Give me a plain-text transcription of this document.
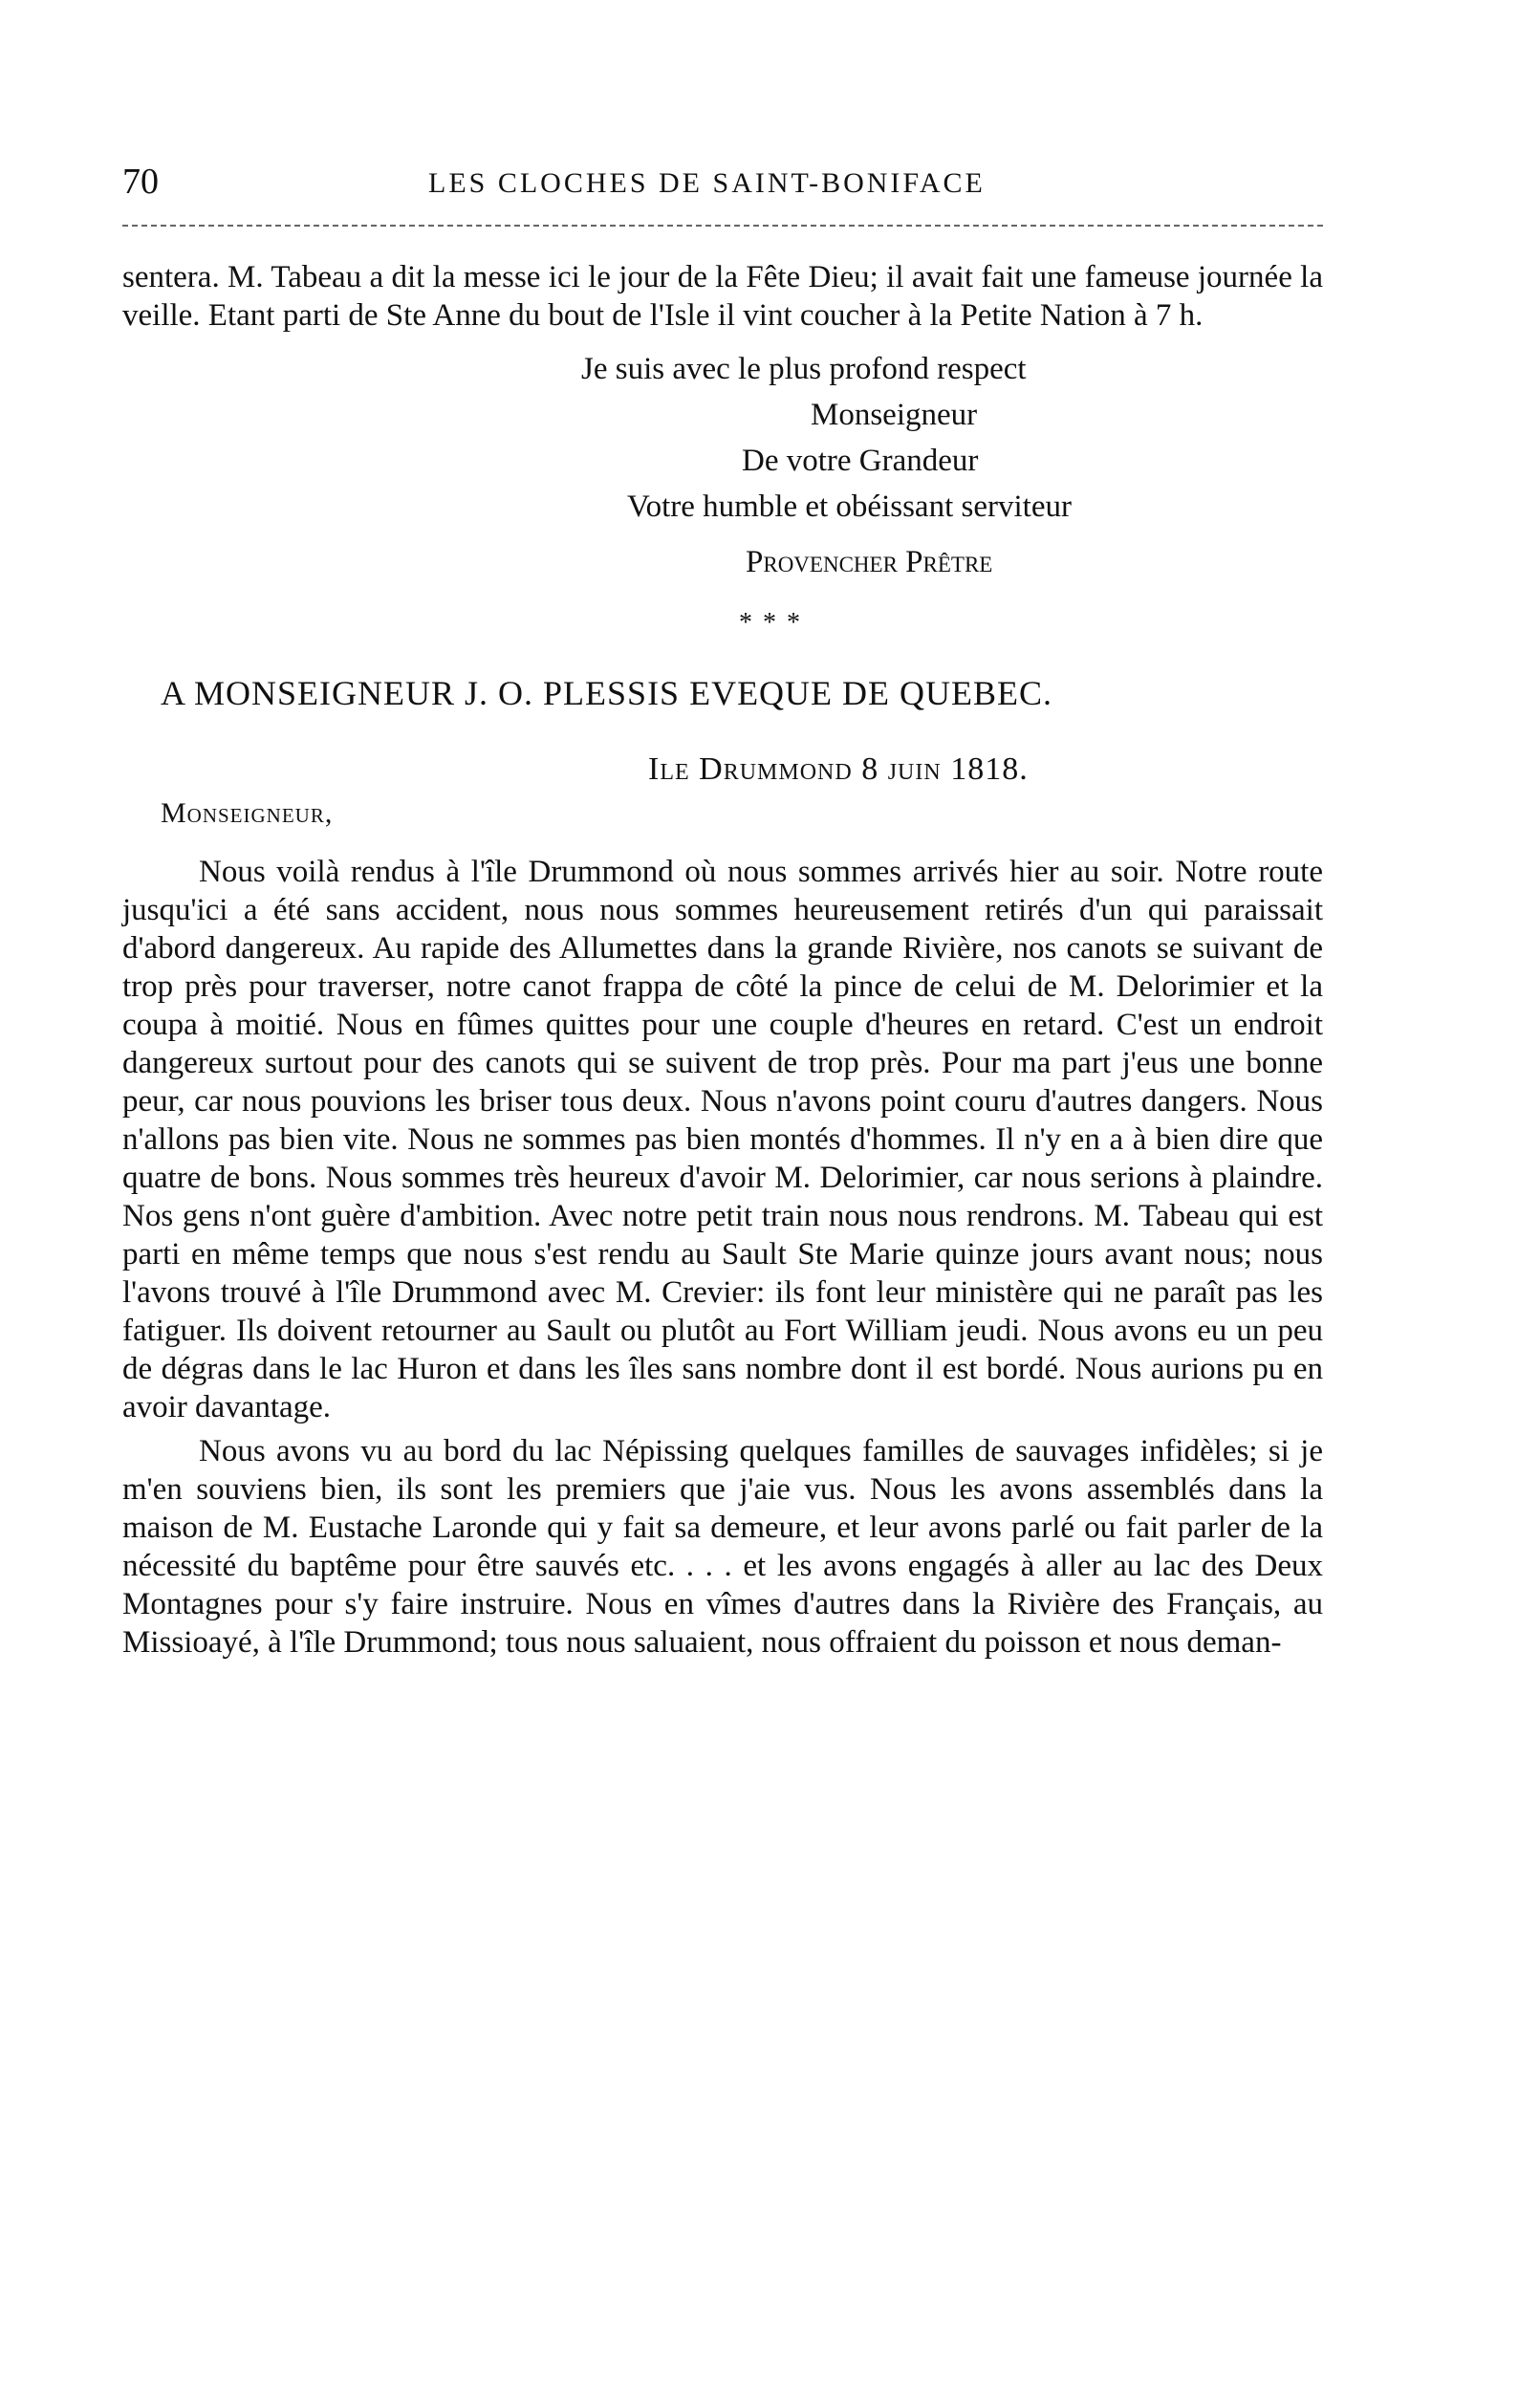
70	LES CLOCHES DE SAINT-BONIFACE

sentera. M. Tabeau a dit la messe ici le jour de la Fête Dieu; il avait fait une fameuse journée la veille. Etant parti de Ste Anne du bout de l'Isle il vint coucher à la Petite Nation à 7 h.

Je suis avec le plus profond respect
Monseigneur
De votre Grandeur
Votre humble et obéissant serviteur
Provencher Prêtre
* * *
A MONSEIGNEUR J. O. PLESSIS EVEQUE DE QUEBEC.
Ile Drummond 8 juin 1818.
Monseigneur,

Nous voilà rendus à l'île Drummond où nous sommes arrivés hier au soir. Notre route jusqu'ici a été sans accident, nous nous sommes heureusement retirés d'un qui paraissait d'abord dangereux. Au rapide des Allumettes dans la grande Rivière, nos canots se suivant de trop près pour traverser, notre canot frappa de côté la pince de celui de M. Delorimier et la coupa à moitié. Nous en fûmes quittes pour une couple d'heures en retard. C'est un endroit dangereux surtout pour des canots qui se suivent de trop près. Pour ma part j'eus une bonne peur, car nous pouvions les briser tous deux. Nous n'avons point couru d'autres dangers. Nous n'allons pas bien vite. Nous ne sommes pas bien montés d'hommes. Il n'y en a à bien dire que quatre de bons. Nous sommes très heureux d'avoir M. Delorimier, car nous serions à plaindre. Nos gens n'ont guère d'ambition. Avec notre petit train nous nous rendrons. M. Tabeau qui est parti en même temps que nous s'est rendu au Sault Ste Marie quinze jours avant nous; nous l'avons trouvé à l'île Drummond avec M. Crevier: ils font leur ministère qui ne paraît pas les fatiguer. Ils doivent retourner au Sault ou plutôt au Fort William jeudi. Nous avons eu un peu de dégras dans le lac Huron et dans les îles sans nombre dont il est bordé. Nous aurions pu en avoir davantage.

Nous avons vu au bord du lac Népissing quelques familles de sauvages infidèles; si je m'en souviens bien, ils sont les premiers que j'aie vus. Nous les avons assemblés dans la maison de M. Eustache Laronde qui y fait sa demeure, et leur avons parlé ou fait parler de la nécessité du baptême pour être sauvés etc. . . . et les avons engagés à aller au lac des Deux Montagnes pour s'y faire instruire. Nous en vîmes d'autres dans la Rivière des Français, au Missioayé, à l'île Drummond; tous nous saluaient, nous offraient du poisson et nous deman-
